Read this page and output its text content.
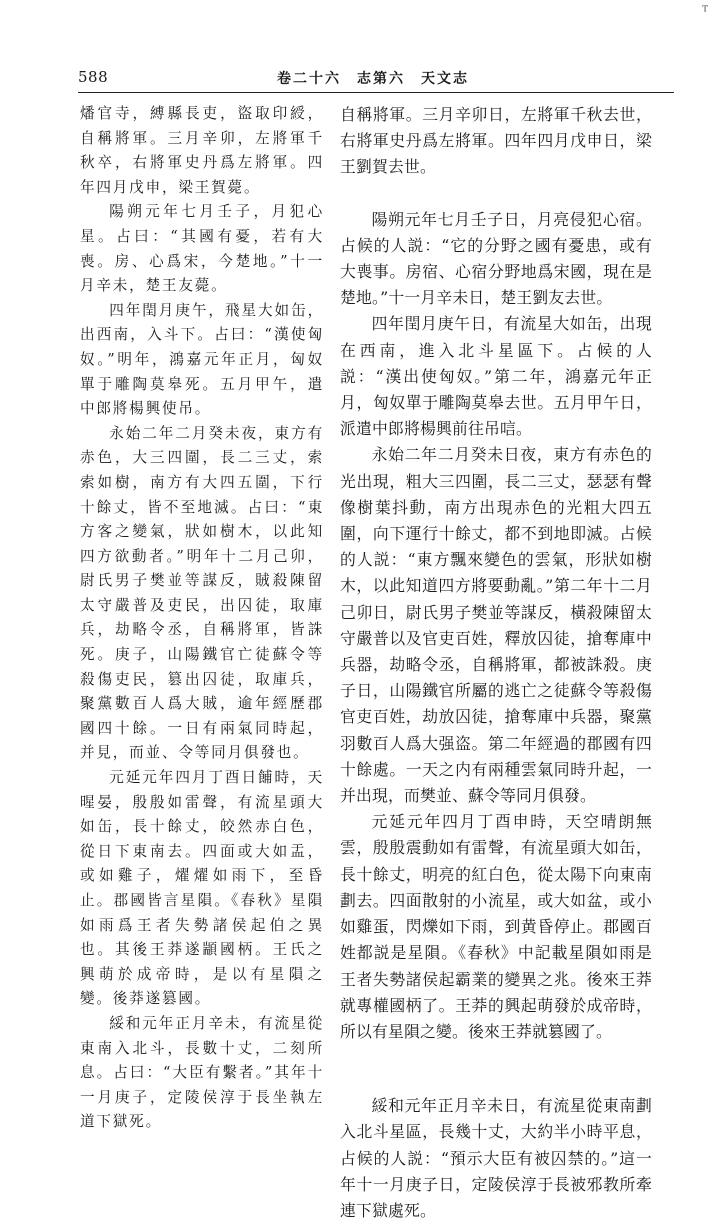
ᵀ
588	卷二十六　志第六　天文志

燔官寺，縛縣長吏，盜取印綬，自稱將軍。三月辛卯，左將軍千秋卒，右將軍史丹爲左將軍。四年四月戊申，梁王賀薨。

陽朔元年七月壬子，月犯心星。占曰：“其國有憂，若有大喪。房、心爲宋，今楚地。”十一月辛未，楚王友薨。

四年閏月庚午，飛星大如缶，出西南，入斗下。占曰：“漢使匈奴。”明年，鴻嘉元年正月，匈奴單于雕陶莫皋死。五月甲午，遣中郎將楊興使吊。

永始二年二月癸未夜，東方有赤色，大三四圍，長二三丈，索索如樹，南方有大四五圍，下行十餘丈，皆不至地滅。占曰：“東方客之變氣，狀如樹木，以此知四方欲動者。”明年十二月己卯，尉氏男子樊並等謀反，賊殺陳留太守嚴普及吏民，出囚徒，取庫兵，劫略令丞，自稱將軍，皆誅死。庚子，山陽鐵官亡徒蘇令等殺傷吏民，篡出囚徒，取庫兵，聚黨數百人爲大賊，逾年經歷郡國四十餘。一日有兩氣同時起，并見，而並、令等同月俱發也。

元延元年四月丁酉日餔時，天暒晏，殷殷如雷聲，有流星頭大如缶，長十餘丈，皎然赤白色，從日下東南去。四面或大如盂，或如雞子，燿燿如雨下，至昏止。郡國皆言星隕。《春秋》星隕如雨爲王者失勢諸侯起伯之異也。其後王莽遂顓國柄。王氏之興萌於成帝時，是以有星隕之變。後莽遂篡國。

綏和元年正月辛未，有流星從東南入北斗，長數十丈，二刻所息。占曰：“大臣有繫者。”其年十一月庚子，定陵侯淳于長坐執左道下獄死。

自稱將軍。三月辛卯日，左將軍千秋去世，右將軍史丹爲左將軍。四年四月戊申日，梁王劉賀去世。

陽朔元年七月壬子日，月亮侵犯心宿。占候的人説：“它的分野之國有憂患，或有大喪事。房宿、心宿分野地爲宋國，現在是楚地。”十一月辛未日，楚王劉友去世。

四年閏月庚午日，有流星大如缶，出現在西南，進入北斗星區下。占候的人説：“漢出使匈奴。”第二年，鴻嘉元年正月，匈奴單于雕陶莫皋去世。五月甲午日，派遣中郎將楊興前往吊唁。

永始二年二月癸未日夜，東方有赤色的光出現，粗大三四圍，長二三丈，瑟瑟有聲像樹葉抖動，南方出現赤色的光粗大四五圍，向下運行十餘丈，都不到地即滅。占候的人説：“東方飄來變色的雲氣，形狀如樹木，以此知道四方將要動亂。”第二年十二月己卯日，尉氏男子樊並等謀反，橫殺陳留太守嚴普以及官吏百姓，釋放囚徒，搶奪庫中兵器，劫略令丞，自稱將軍，都被誅殺。庚子日，山陽鐵官所屬的逃亡之徒蘇令等殺傷官吏百姓，劫放囚徒，搶奪庫中兵器，聚黨羽數百人爲大强盗。第二年經過的郡國有四十餘處。一天之内有兩種雲氣同時升起，一并出現，而樊並、蘇令等同月俱發。

元延元年四月丁酉申時，天空晴朗無雲，殷殷震動如有雷聲，有流星頭大如缶，長十餘丈，明亮的紅白色，從太陽下向東南劃去。四面散射的小流星，或大如盆，或小如雞蛋，閃爍如下雨，到黄昏停止。郡國百姓都説是星隕。《春秋》中記載星隕如雨是王者失勢諸侯起霸業的變異之兆。後來王莽就專權國柄了。王莽的興起萌發於成帝時，所以有星隕之變。後來王莽就篡國了。

綏和元年正月辛未日，有流星從東南劃入北斗星區，長幾十丈，大約半小時平息，占候的人説：“預示大臣有被囚禁的。”這一年十一月庚子日，定陵侯淳于長被邪教所牽連下獄處死。
